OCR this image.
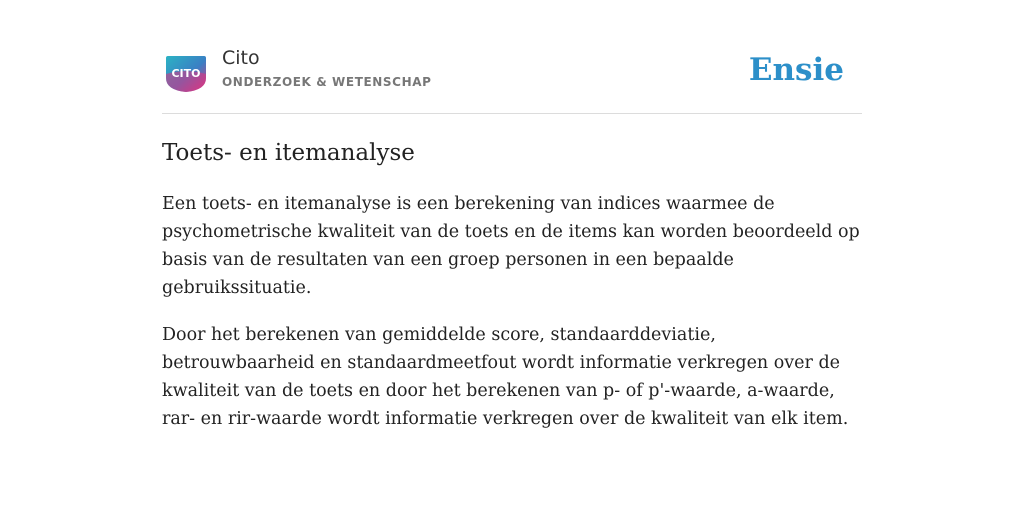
CITO
Cito
ONDERZOEK & WETENSCHAP	Ensie
Toets- en itemanalyse

Een toets- en itemanalyse is een berekening van indices waarmee de psychometrische kwaliteit van de toets en de items kan worden beoordeeld op basis van de resultaten van een groep personen in een bepaalde gebruikssituatie.

Door het berekenen van gemiddelde score, standaarddeviatie, betrouwbaarheid en standaardmeetfout wordt informatie verkregen over de kwaliteit van de toets en door het berekenen van p- of p'-waarde, a-waarde, rar- en rir-waarde wordt informatie verkregen over de kwaliteit van elk item.
